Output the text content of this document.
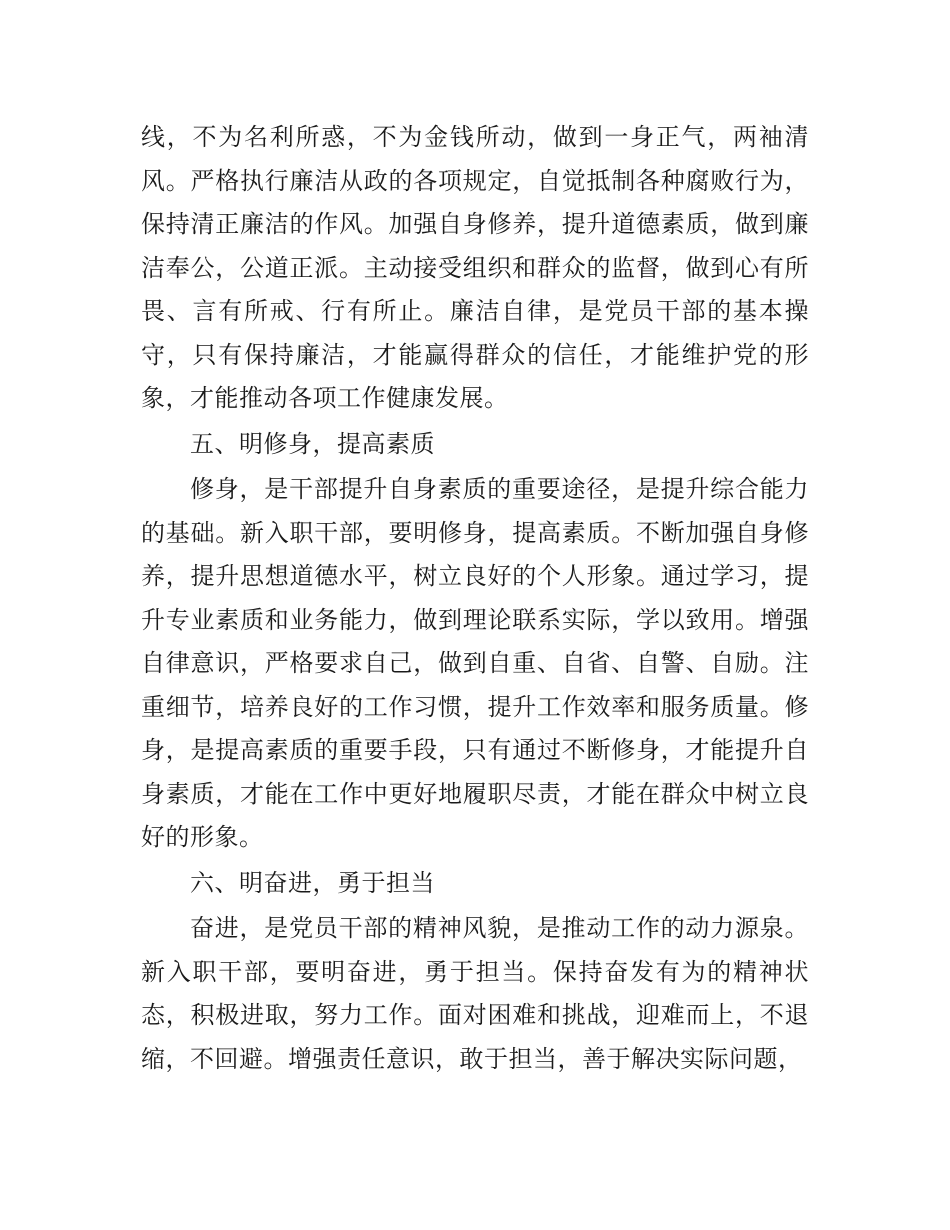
线，不为名利所惑，不为金钱所动，做到一身正气，两袖清风。严格执行廉洁从政的各项规定，自觉抵制各种腐败行为，保持清正廉洁的作风。加强自身修养，提升道德素质，做到廉洁奉公，公道正派。主动接受组织和群众的监督，做到心有所畏、言有所戒、行有所止。廉洁自律，是党员干部的基本操守，只有保持廉洁，才能赢得群众的信任，才能维护党的形象，才能推动各项工作健康发展。

五、明修身，提高素质

修身，是干部提升自身素质的重要途径，是提升综合能力的基础。新入职干部，要明修身，提高素质。不断加强自身修养，提升思想道德水平，树立良好的个人形象。通过学习，提升专业素质和业务能力，做到理论联系实际，学以致用。增强自律意识，严格要求自己，做到自重、自省、自警、自励。注重细节，培养良好的工作习惯，提升工作效率和服务质量。修身，是提高素质的重要手段，只有通过不断修身，才能提升自身素质，才能在工作中更好地履职尽责，才能在群众中树立良好的形象。

六、明奋进，勇于担当

奋进，是党员干部的精神风貌，是推动工作的动力源泉。新入职干部，要明奋进，勇于担当。保持奋发有为的精神状态，积极进取，努力工作。面对困难和挑战，迎难而上，不退缩，不回避。增强责任意识，敢于担当，善于解决实际问题，
